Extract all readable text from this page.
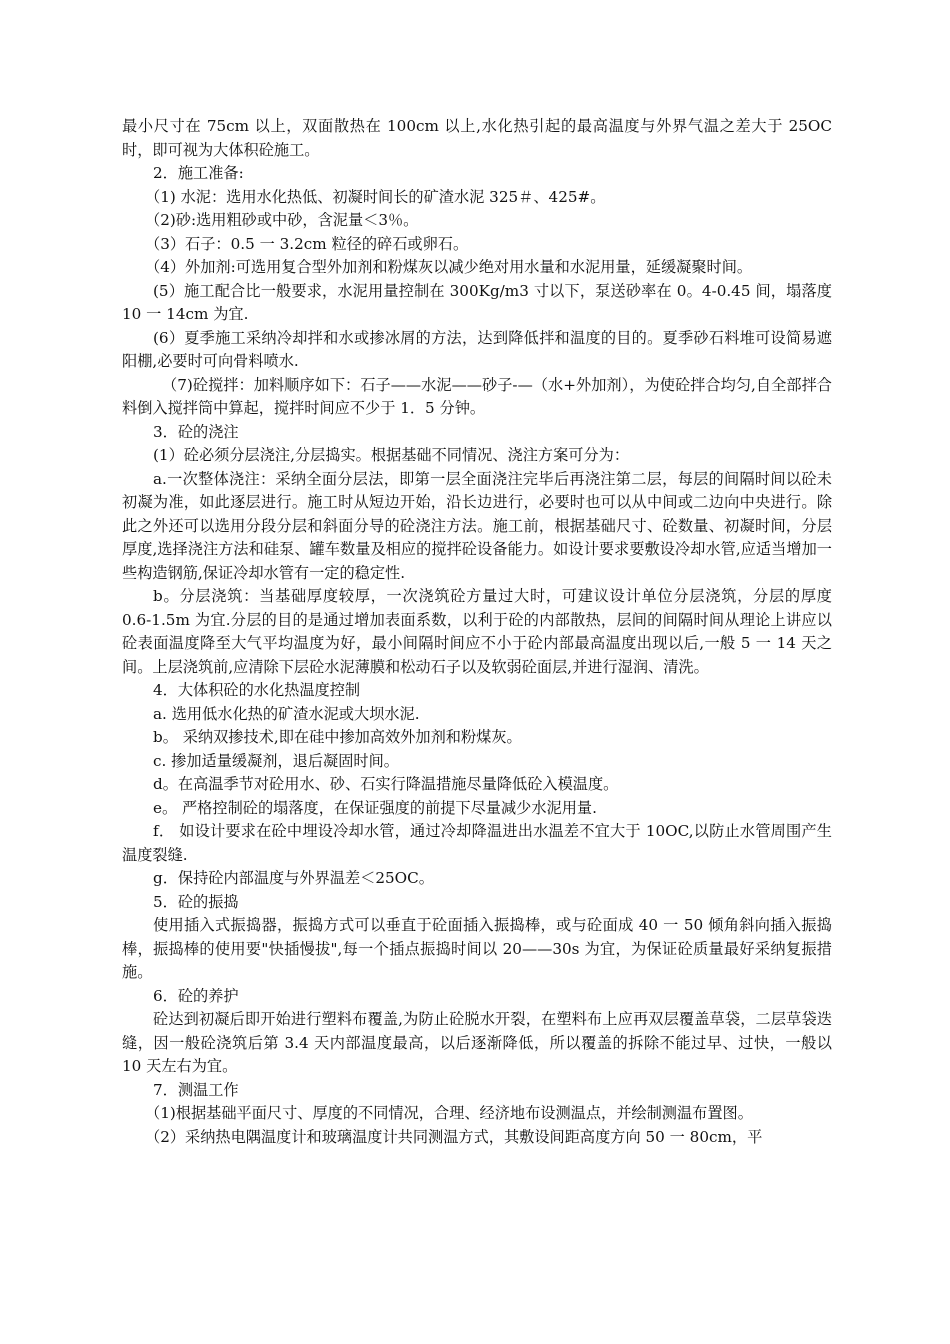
最小尺寸在 75cm 以上，双面散热在 100cm 以上,水化热引起的最高温度与外界气温之差大于 25OC 时，即可视为大体积砼施工。

2．施工准备:

（1) 水泥：选用水化热低、初凝时间长的矿渣水泥 325＃、425#。

（2)砂:选用粗砂或中砂，含泥量＜3％。

（3）石子：0.5 一 3.2cm 粒径的碎石或卵石。

（4）外加剂:可选用复合型外加剂和粉煤灰以减少绝对用水量和水泥用量，延缓凝聚时间。

(5）施工配合比一般要求，水泥用量控制在 300Kg/m3 寸以下，泵送砂率在 0。4-0.45 间，塌落度 10 一 14cm 为宜.

(6）夏季施工采纳冷却拌和水或掺冰屑的方法，达到降低拌和温度的目的。夏季砂石料堆可设简易遮阳棚,必要时可向骨料喷水.

（7)砼搅拌：加料顺序如下：石子——水泥——砂子-—（水+外加剂），为使砼拌合均匀,自全部拌合料倒入搅拌筒中算起，搅拌时间应不少于 1．5 分钟。

3．砼的浇注

(1）砼必须分层浇注,分层捣实。根据基础不同情况、浇注方案可分为：

a.一次整体浇注：采纳全面分层法，即第一层全面浇注完毕后再浇注第二层，每层的间隔时间以砼未初凝为准，如此逐层进行。施工时从短边开始，沿长边进行，必要时也可以从中间或二边向中央进行。除此之外还可以选用分段分层和斜面分导的砼浇注方法。施工前，根据基础尺寸、砼数量、初凝时间，分层厚度,选择浇注方法和硅泵、罐车数量及相应的搅拌砼设备能力。如设计要求要敷设冷却水管,应适当增加一些构造钢筋,保证冷却水管有一定的稳定性.

b。分层浇筑：当基础厚度较厚，一次浇筑砼方量过大时，可建议设计单位分层浇筑，分层的厚度 0.6-1.5m 为宜.分层的目的是通过增加表面系数，以利于砼的内部散热，层间的间隔时间从理论上讲应以砼表面温度降至大气平均温度为好，最小间隔时间应不小于砼内部最高温度出现以后,一般 5 一 14 天之间。上层浇筑前,应清除下层砼水泥薄膜和松动石子以及软弱砼面层,并进行湿润、清洗。

4．大体积砼的水化热温度控制

a. 选用低水化热的矿渣水泥或大坝水泥.

b。 采纳双掺技术,即在硅中掺加高效外加剂和粉煤灰。

c. 掺加适量缓凝剂，退后凝固时间。

d。在高温季节对砼用水、砂、石实行降温措施尽量降低砼入模温度。

e。 严格控制砼的塌落度，在保证强度的前提下尽量减少水泥用量.

f． 如设计要求在砼中埋设冷却水管，通过冷却降温进出水温差不宜大于 10OC,以防止水管周围产生温度裂缝.

g．保持砼内部温度与外界温差＜25OC。

5．砼的振捣

使用插入式振捣器，振捣方式可以垂直于砼面插入振捣棒，或与砼面成 40 一 50 倾角斜向插入振捣棒，振捣棒的使用要"快插慢拔",每一个插点振捣时间以 20——30s 为宜，为保证砼质量最好采纳复振措施。

6．砼的养护

砼达到初凝后即开始进行塑料布覆盖,为防止砼脱水开裂，在塑料布上应再双层覆盖草袋，二层草袋迭缝，因一般砼浇筑后第 3.4 天内部温度最高，以后逐渐降低，所以覆盖的拆除不能过早、过快，一般以 10 天左右为宜。

7．测温工作

（1)根据基础平面尺寸、厚度的不同情况，合理、经济地布设测温点，并绘制测温布置图。

（2）采纳热电隅温度计和玻璃温度计共同测温方式，其敷设间距高度方向 50 一 80cm，平
